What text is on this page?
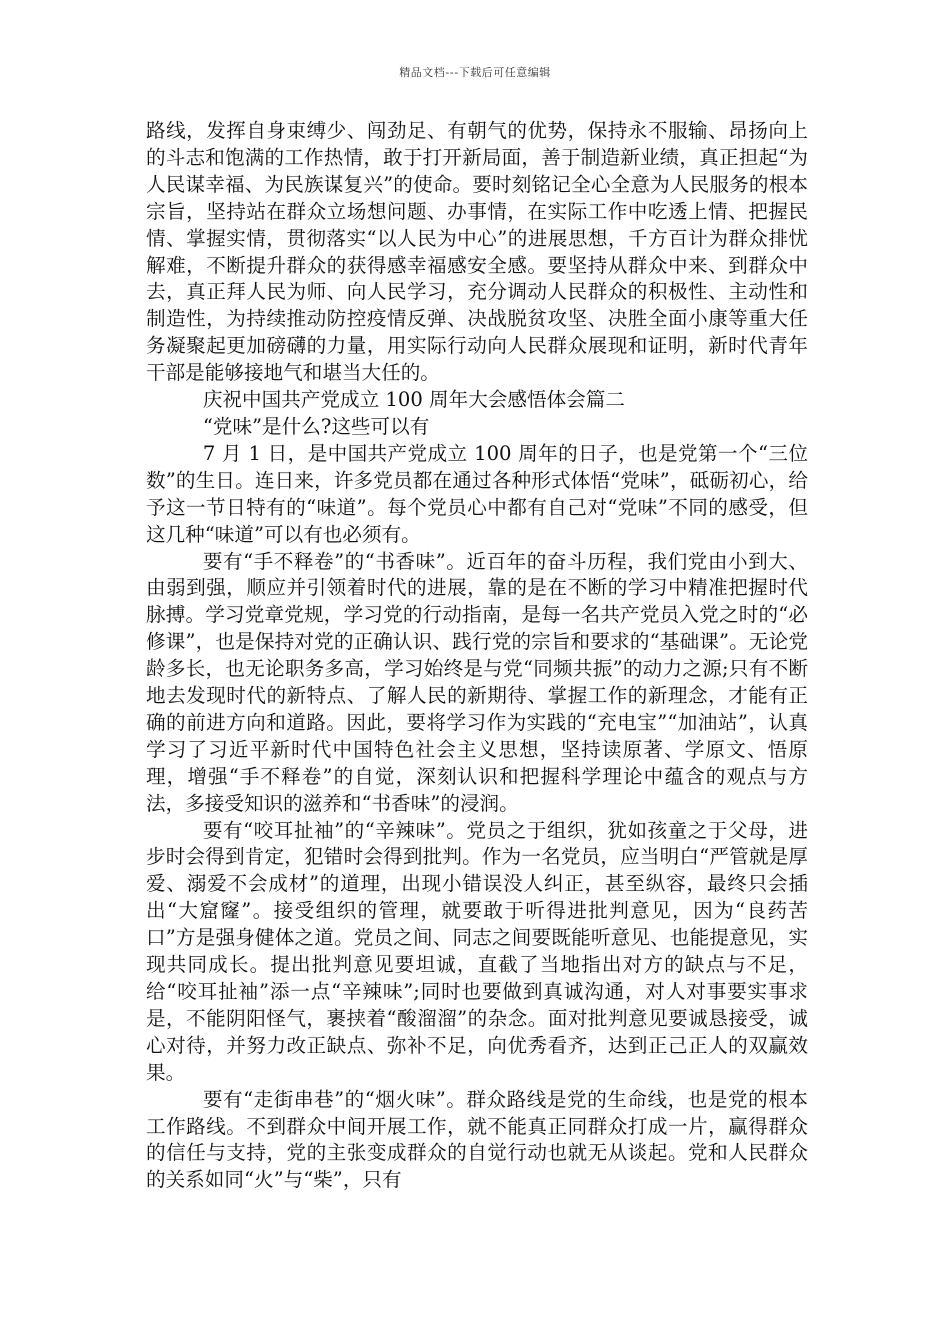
精品文档---下载后可任意编辑

路线，发挥自身束缚少、闯劲足、有朝气的优势，保持永不服输、昂扬向上的斗志和饱满的工作热情，敢于打开新局面，善于制造新业绩，真正担起“为人民谋幸福、为民族谋复兴”的使命。要时刻铭记全心全意为人民服务的根本宗旨，坚持站在群众立场想问题、办事情，在实际工作中吃透上情、把握民情、掌握实情，贯彻落实“以人民为中心”的进展思想，千方百计为群众排忧解难，不断提升群众的获得感幸福感安全感。要坚持从群众中来、到群众中去，真正拜人民为师、向人民学习，充分调动人民群众的积极性、主动性和制造性，为持续推动防控疫情反弹、决战脱贫攻坚、决胜全面小康等重大任务凝聚起更加磅礴的力量，用实际行动向人民群众展现和证明，新时代青年干部是能够接地气和堪当大任的。

庆祝中国共产党成立 100 周年大会感悟体会篇二

“党味”是什么?这些可以有

7 月 1 日，是中国共产党成立 100 周年的日子，也是党第一个“三位数”的生日。连日来，许多党员都在通过各种形式体悟“党味”，砥砺初心，给予这一节日特有的“味道”。每个党员心中都有自己对“党味”不同的感受，但这几种“味道”可以有也必须有。

要有“手不释卷”的“书香味”。近百年的奋斗历程，我们党由小到大、由弱到强，顺应并引领着时代的进展，靠的是在不断的学习中精准把握时代脉搏。学习党章党规，学习党的行动指南，是每一名共产党员入党之时的“必修课”，也是保持对党的正确认识、践行党的宗旨和要求的“基础课”。无论党龄多长，也无论职务多高，学习始终是与党“同频共振”的动力之源;只有不断地去发现时代的新特点、了解人民的新期待、掌握工作的新理念，才能有正确的前进方向和道路。因此，要将学习作为实践的“充电宝”“加油站”，认真学习了习近平新时代中国特色社会主义思想，坚持读原著、学原文、悟原理，增强“手不释卷”的自觉，深刻认识和把握科学理论中蕴含的观点与方法，多接受知识的滋养和“书香味”的浸润。

要有“咬耳扯袖”的“辛辣味”。党员之于组织，犹如孩童之于父母，进步时会得到肯定，犯错时会得到批判。作为一名党员，应当明白“严管就是厚爱、溺爱不会成材”的道理，出现小错误没人纠正，甚至纵容，最终只会插出“大窟窿”。接受组织的管理，就要敢于听得进批判意见，因为“良药苦口”方是强身健体之道。党员之间、同志之间要既能听意见、也能提意见，实现共同成长。提出批判意见要坦诚，直截了当地指出对方的缺点与不足，给“咬耳扯袖”添一点“辛辣味”;同时也要做到真诚沟通，对人对事要实事求是，不能阴阳怪气，裹挟着“酸溜溜”的杂念。面对批判意见要诚恳接受，诚心对待，并努力改正缺点、弥补不足，向优秀看齐，达到正己正人的双赢效果。

要有“走街串巷”的“烟火味”。群众路线是党的生命线，也是党的根本工作路线。不到群众中间开展工作，就不能真正同群众打成一片，赢得群众的信任与支持，党的主张变成群众的自觉行动也就无从谈起。党和人民群众的关系如同“火”与“柴”，只有
